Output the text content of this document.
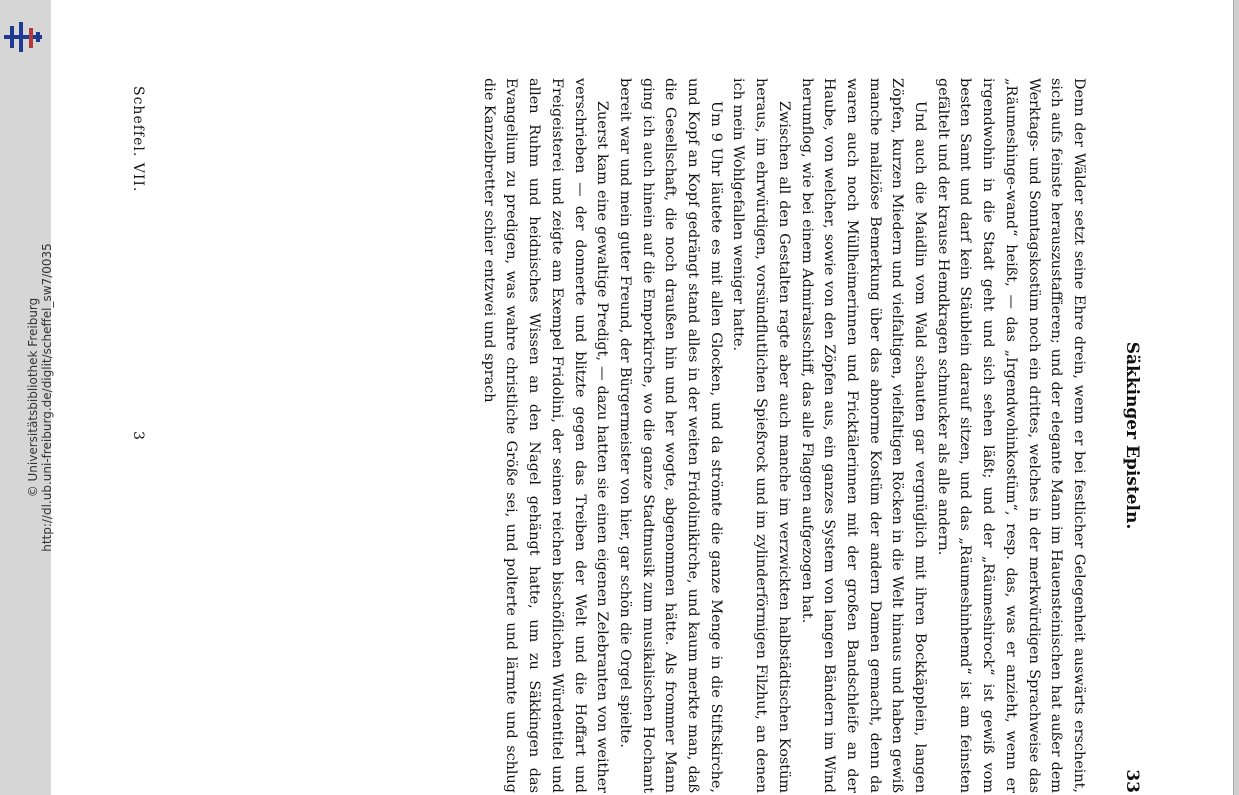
© Universitätsbibliothek Freiburg http://dl.ub.uni-freiburg.de/diglit/scheffel_sw7/0035	Säkkinger Episteln.
33

Denn der Wälder setzt seine Ehre drein, wenn er bei festlicher Gelegenheit auswärts erscheint, sich aufs feinste herauszustaffieren; und der elegante Mann im Hauensteinischen hat außer dem Werktags- und Sonntagskostüm noch ein drittes, welches in der merkwürdigen Sprachweise das „Räumeshinge-wand“ heißt, — das „Irgendwohinkostüm“, resp. das, was er anzieht, wenn er irgendwohin in die Stadt geht und sich sehen läßt; und der „Räumeshirock“ ist gewiß vom besten Samt und darf kein Stäublein darauf sitzen, und das „Räumeshinhemd“ ist am feinsten gefältelt und der krause Hemdkragen schmucker als alle andern.

Und auch die Maidlin vom Wald schauten gar vergnüglich mit ihren Bockkäpplein, langen Zöpfen, kurzen Miedern und vielfaltigen, vielfaltigen Röcken in die Welt hinaus und haben gewiß manche maliziöse Bemerkung über das abnorme Kostüm der andern Damen gemacht, denn da waren auch noch Müllheimerinnen und Fricktälerinnen mit der großen Bandschleife an der Haube, von welcher, sowie von den Zöpfen aus, ein ganzes System von langen Bändern im Wind herumflog, wie bei einem Admiralsschiff, das alle Flaggen aufgezogen hat.

Zwischen all den Gestalten ragte aber auch manche im verzwickten halbstädtischen Kostüm heraus, im ehrwürdigen, vorsündflutlichen Spießrock und im zylinderförmigen Filzhut, an denen ich mein Wohlgefallen weniger hatte.

Um 9 Uhr läutete es mit allen Glocken, und da strömte die ganze Menge in die Stiftskirche, und Kopf an Kopf gedrängt stand alles in der weiten Fridolinikirche, und kaum merkte man, daß die Gesellschaft, die noch draußen hin und her wogte, abgenommen hätte. Als frommer Mann ging ich auch hinein auf die Emporkirche, wo die ganze Stadtmusik zum musikalischen Hochamt bereit war und mein guter Freund, der Bürgermeister von hier, gar schön die Orgel spielte.

Zuerst kam eine gewaltige Predigt, — dazu hatten sie einen eigenen Zelebranten von weither verschrieben — der donnerte und blitzte gegen das Treiben der Welt und die Hoffart und Freigeisterei und zeigte am Exempel Fridolini, der seinen reichen bischöflichen Würdentitel und allen Ruhm und heidnisches Wissen an den Nagel gehängt hatte, um zu Säkkingen das Evangelium zu predigen, was wahre christliche Größe sei, und polterte und lärmte und schlug die Kanzelbretter schier entzwei und sprach

Scheffel. VII.
3
